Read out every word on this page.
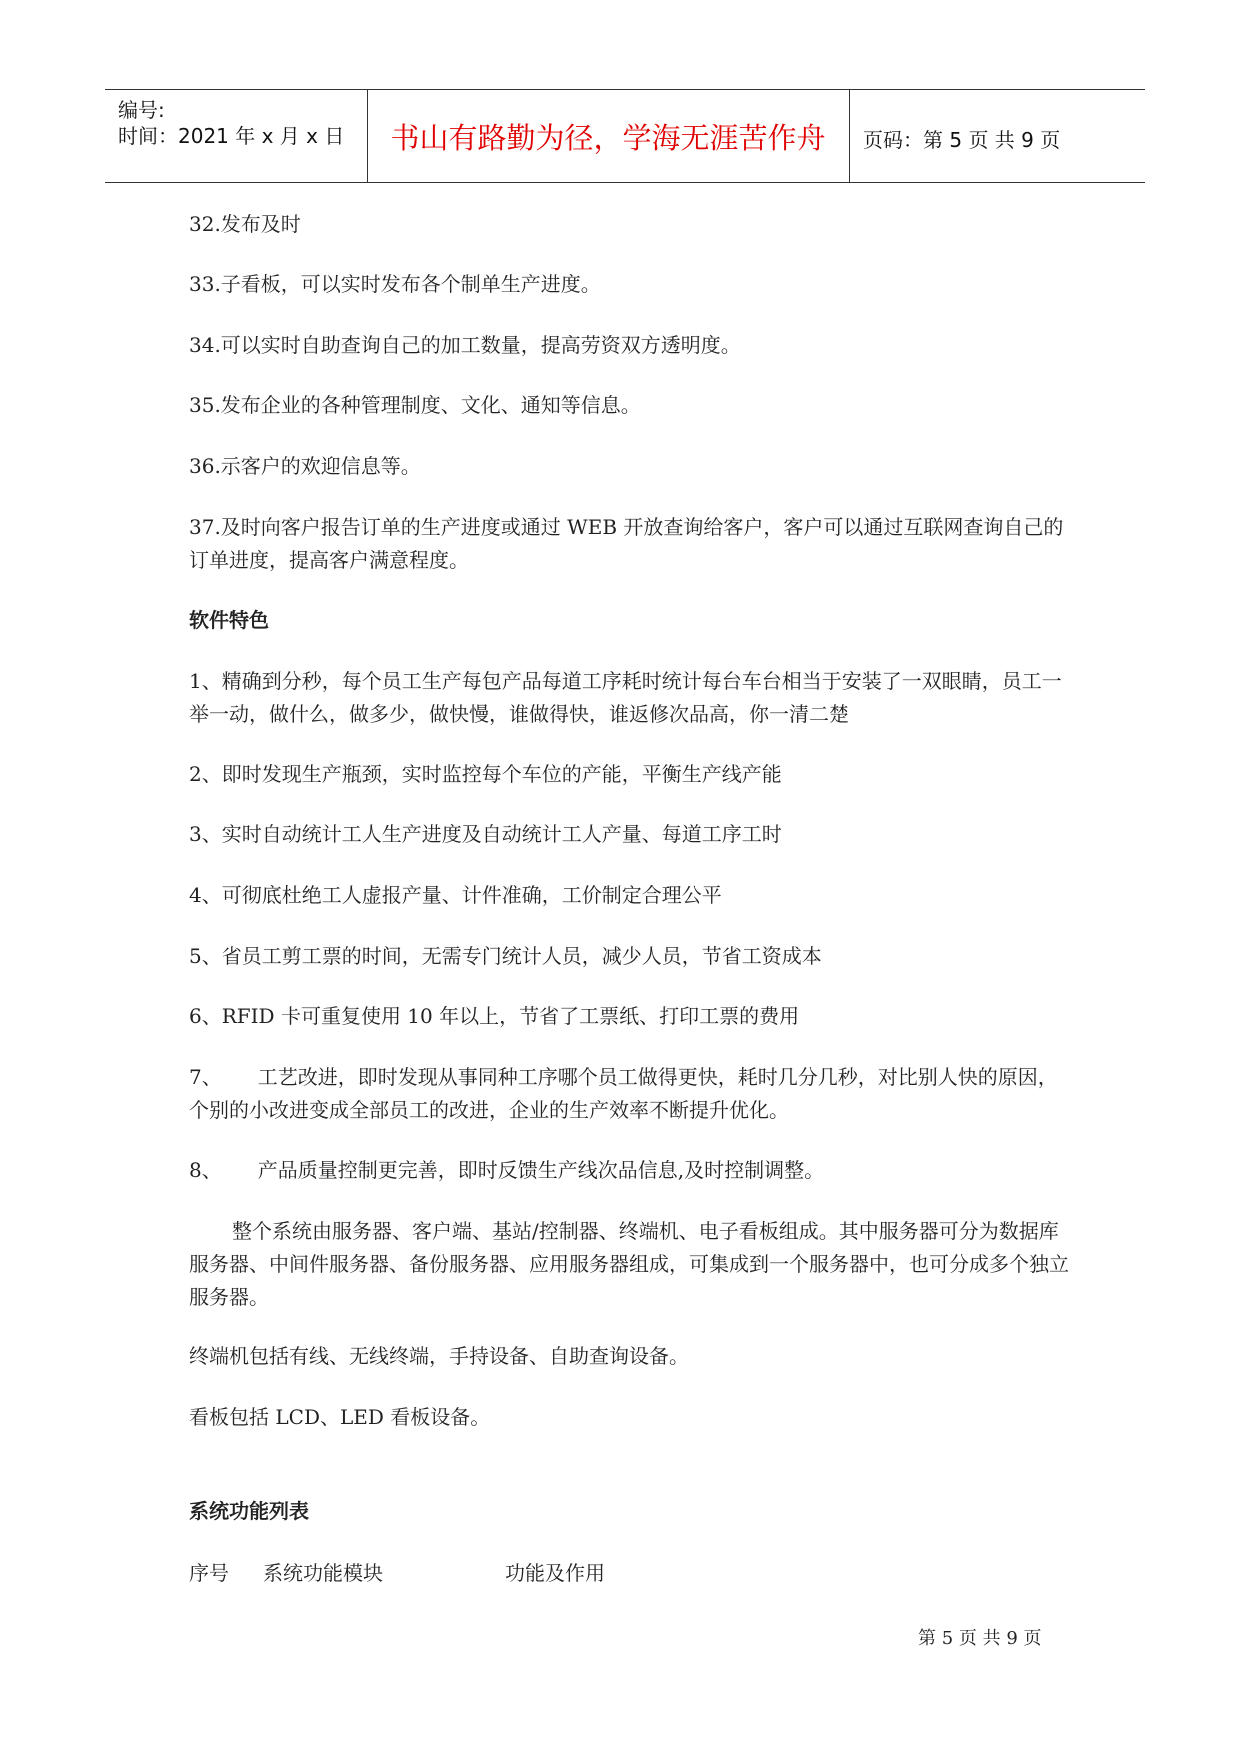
编号:
时间：2021 年 x 月 x 日	书山有路勤为径，学海无涯苦作舟	页码：第 5 页 共 9 页

32.发布及时

33.子看板，可以实时发布各个制单生产进度。

34.可以实时自助查询自己的加工数量，提高劳资双方透明度。

35.发布企业的各种管理制度、文化、通知等信息。

36.示客户的欢迎信息等。

37.及时向客户报告订单的生产进度或通过 WEB 开放查询给客户，客户可以通过互联网查询自己的订单进度，提高客户满意程度。

软件特色

1、精确到分秒，每个员工生产每包产品每道工序耗时统计每台车台相当于安装了一双眼睛，员工一举一动，做什么，做多少，做快慢，谁做得快，谁返修次品高，你一清二楚

2、即时发现生产瓶颈，实时监控每个车位的产能，平衡生产线产能

3、实时自动统计工人生产进度及自动统计工人产量、每道工序工时

4、可彻底杜绝工人虚报产量、计件准确，工价制定合理公平

5、省员工剪工票的时间，无需专门统计人员，减少人员，节省工资成本

6、RFID 卡可重复使用 10 年以上，节省了工票纸、打印工票的费用

7、 工艺改进，即时发现从事同种工序哪个员工做得更快，耗时几分几秒，对比别人快的原因，个别的小改进变成全部员工的改进，企业的生产效率不断提升优化。

8、 产品质量控制更完善，即时反馈生产线次品信息,及时控制调整。

整个系统由服务器、客户端、基站/控制器、终端机、电子看板组成。其中服务器可分为数据库服务器、中间件服务器、备份服务器、应用服务器组成，可集成到一个服务器中，也可分成多个独立服务器。

终端机包括有线、无线终端，手持设备、自助查询设备。

看板包括 LCD、LED 看板设备。

系统功能列表

序号 系统功能模块	功能及作用
第 5 页 共 9 页
